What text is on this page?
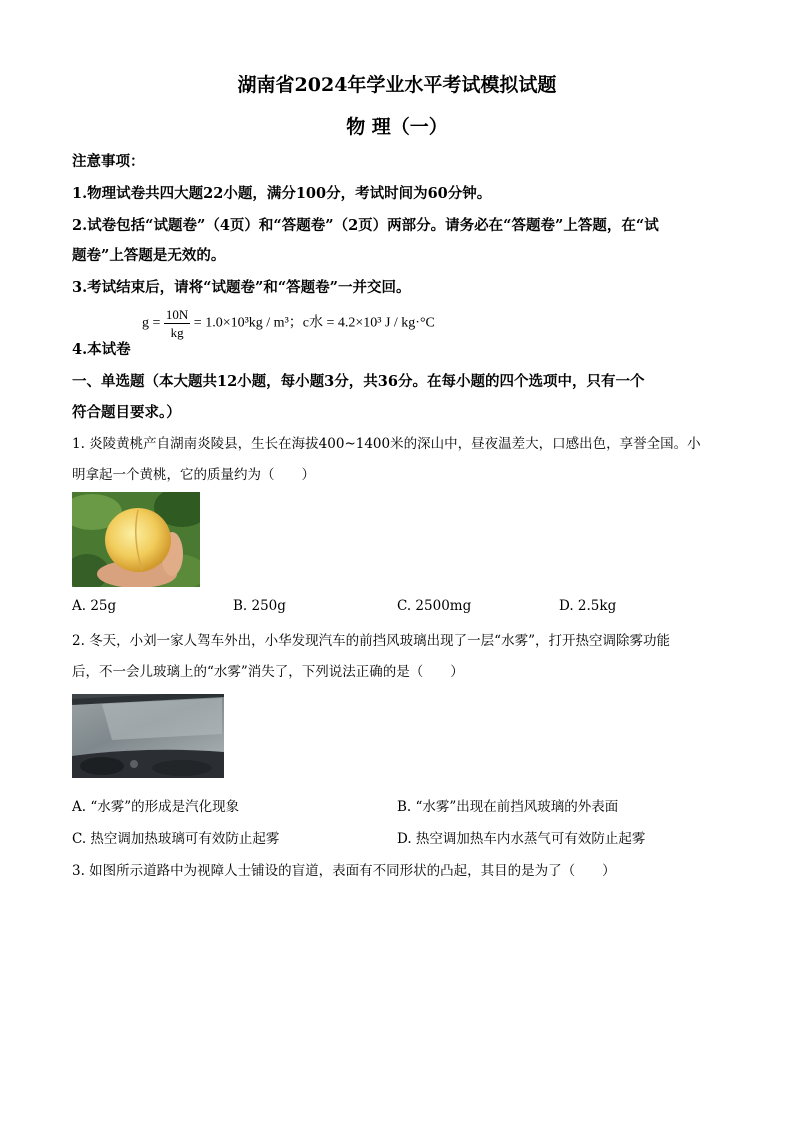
湖南省2024年学业水平考试模拟试题
物 理（一）
注意事项：
1.物理试卷共四大题22小题，满分100分，考试时间为60分钟。
2.试卷包括“试题卷”（4页）和“答题卷”（2页）两部分。请务必在“答题卷”上答题，在“试
题卷”上答题是无效的。
3.考试结束后，请将“试题卷”和“答题卷”一并交回。
$g = \frac{10N}{kg} = 1.0\times 10^3kg / m^3$；c水 = 4.2×10³ J / kg·°C
4.本试卷
一、单选题（本大题共12小题，每小题3分，共36分。在每小题的四个选项中，只有一个
符合题目要求。）
1. 炎陵黄桃产自湖南炎陵县，生长在海拔400~1400米的深山中，昼夜温差大，口感出色，享誉全国。小
明拿起一个黄桃，它的质量约为（　　）
A. 25g	B. 250g	C. 2500mg	D. 2.5kg
2. 冬天，小刘一家人驾车外出，小华发现汽车的前挡风玻璃出现了一层“水雾”，打开热空调除雾功能
后，不一会儿玻璃上的“水雾”消失了，下列说法正确的是（　　）
A. “水雾”的形成是汽化现象	B. “水雾”出现在前挡风玻璃的外表面
C. 热空调加热玻璃可有效防止起雾	D. 热空调加热车内水蒸气可有效防止起雾
3. 如图所示道路中为视障人士铺设的盲道，表面有不同形状的凸起，其目的是为了（　　）
